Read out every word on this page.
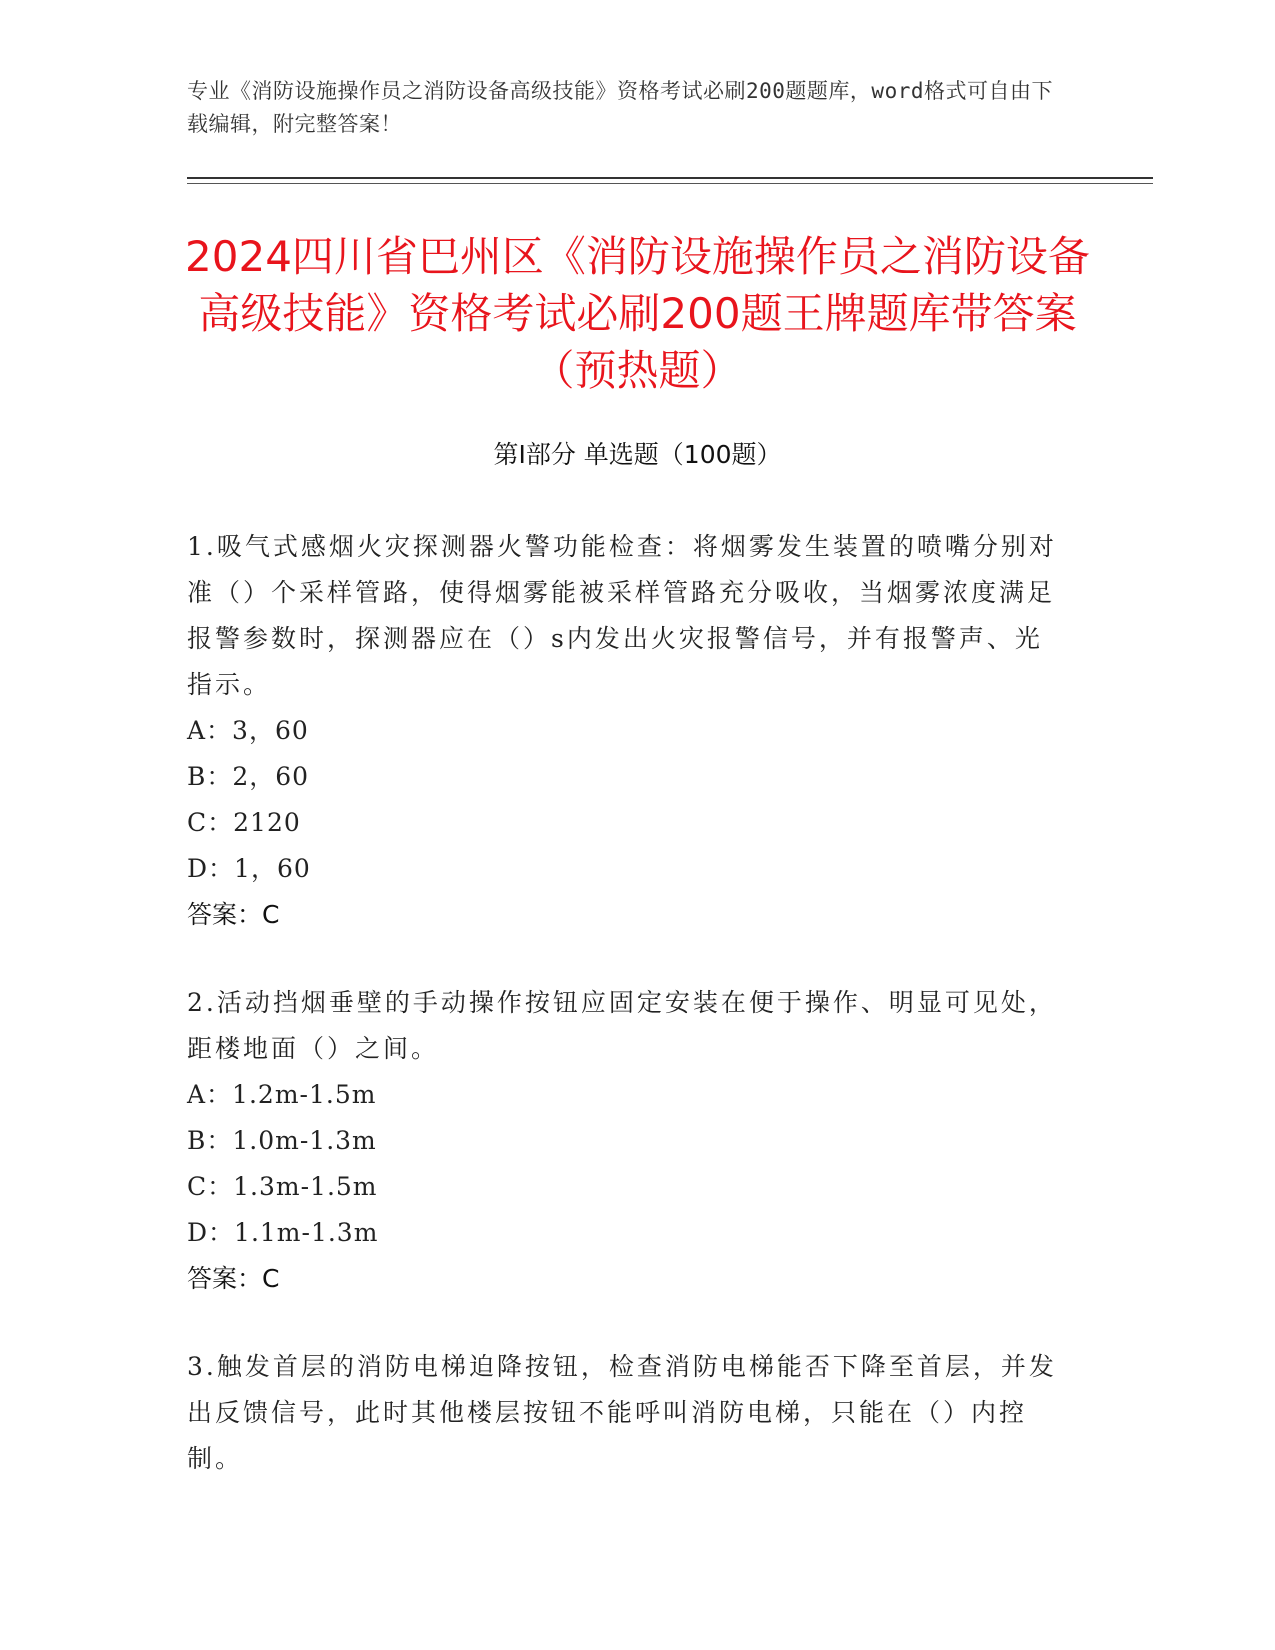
专业《消防设施操作员之消防设备高级技能》资格考试必刷200题题库，word格式可自由下载编辑，附完整答案！
2024四川省巴州区《消防设施操作员之消防设备高级技能》资格考试必刷200题王牌题库带答案（预热题）
第Ⅰ部分 单选题（100题）

1.吸气式感烟火灾探测器火警功能检查：将烟雾发生装置的喷嘴分别对准（）个采样管路，使得烟雾能被采样管路充分吸收，当烟雾浓度满足报警参数时，探测器应在（）s内发出火灾报警信号，并有报警声、光指示。

A：3，60

B：2，60

C：2120

D：1，60

答案：C

2.活动挡烟垂壁的手动操作按钮应固定安装在便于操作、明显可见处，距楼地面（）之间。

A：1.2m-1.5m

B：1.0m-1.3m

C：1.3m-1.5m

D：1.1m-1.3m

答案：C

3.触发首层的消防电梯迫降按钮，检查消防电梯能否下降至首层，并发出反馈信号，此时其他楼层按钮不能呼叫消防电梯，只能在（）内控制。
